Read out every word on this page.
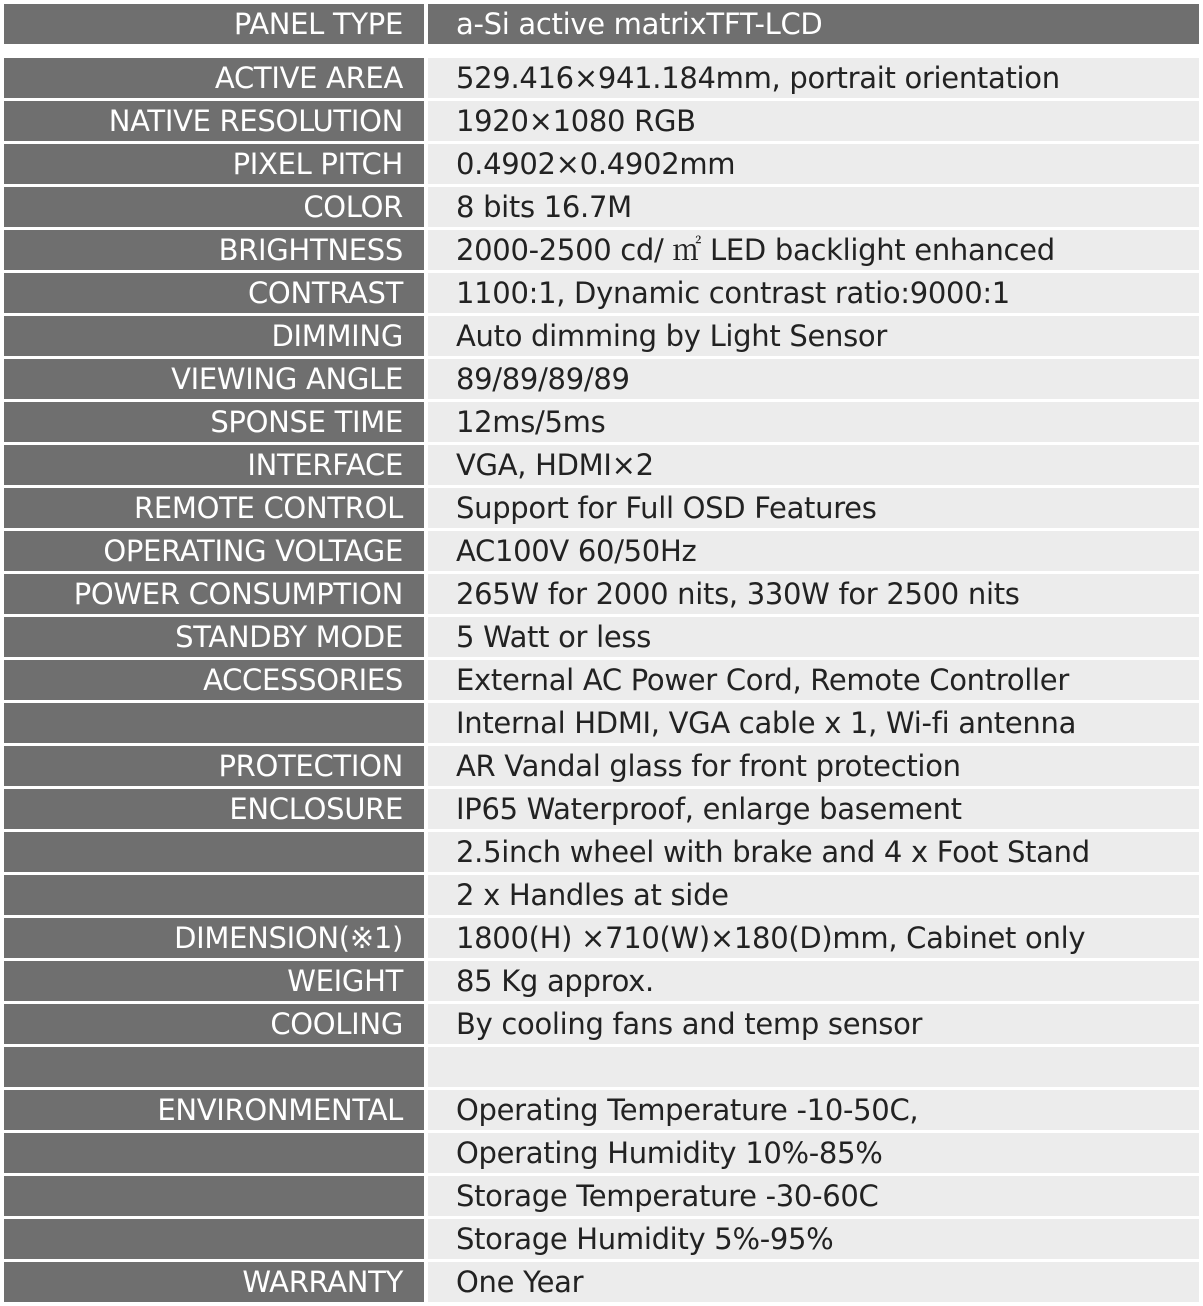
PANEL TYPE	a-Si active matrixTFT-LCD
ACTIVE AREA	529.416×941.184mm, portrait orientation
NATIVE RESOLUTION	1920×1080 RGB
PIXEL PITCH	0.4902×0.4902mm
COLOR	8 bits 16.7M
BRIGHTNESS	2000-2500 cd/ ㎡ LED backlight enhanced
CONTRAST	1100:1, Dynamic contrast ratio:9000:1
DIMMING	Auto dimming by Light Sensor
VIEWING ANGLE	89/89/89/89
SPONSE TIME	12ms/5ms
INTERFACE	VGA, HDMI×2
REMOTE CONTROL	Support for Full OSD Features
OPERATING VOLTAGE	AC100V 60/50Hz
POWER CONSUMPTION	265W for 2000 nits, 330W for 2500 nits
STANDBY MODE	5 Watt or less
ACCESSORIES	External AC Power Cord, Remote Controller
Internal HDMI, VGA cable x 1, Wi-fi antenna
PROTECTION	AR Vandal glass for front protection
ENCLOSURE	IP65 Waterproof, enlarge basement
2.5inch wheel with brake and 4 x Foot Stand
2 x Handles at side
DIMENSION(※1)	1800(H) ×710(W)×180(D)mm, Cabinet only
WEIGHT	85 Kg approx.
COOLING	By cooling fans and temp sensor
ENVIRONMENTAL	Operating Temperature -10-50C,
Operating Humidity 10%-85%
Storage Temperature -30-60C
Storage Humidity 5%-95%
WARRANTY	One Year
